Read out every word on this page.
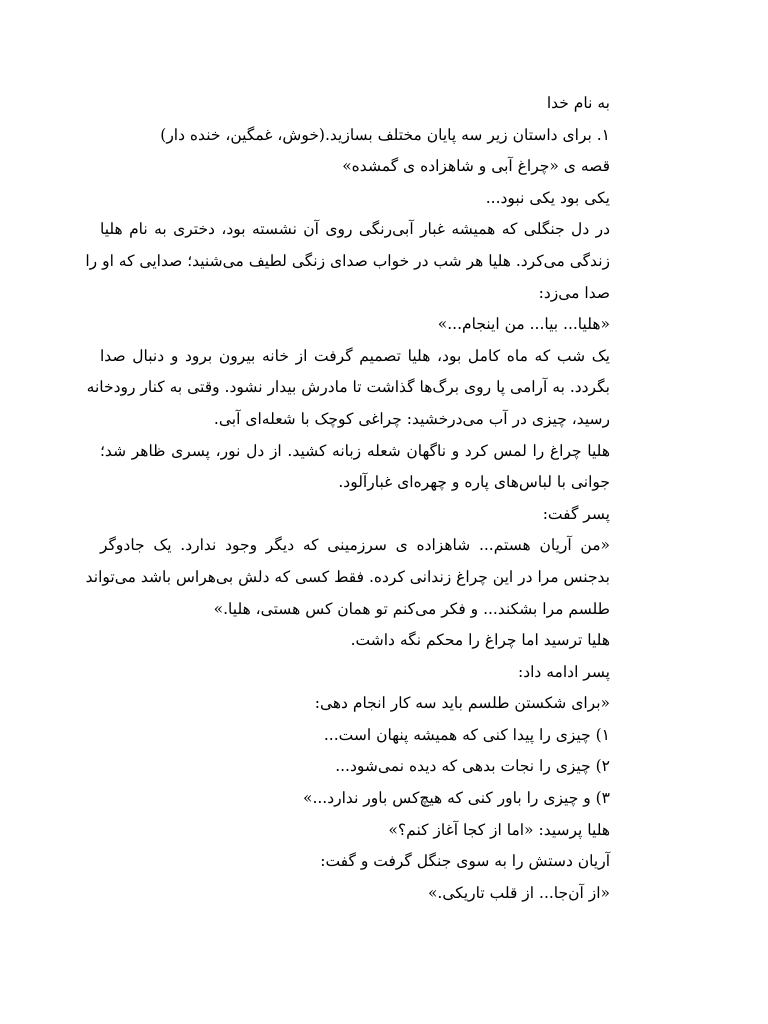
به نام خدا
۱. برای داستان زیر سه پایان مختلف بسازید.(خوش، غمگین، خنده دار)
قصه ی «چراغ آبی و شاهزاده ی گمشده»
یکی بود یکی نبود...
در دل جنگلی که همیشه غبار آبی‌رنگی روی آن نشسته بود، دختری به نام هلیا
زندگی می‌کرد. هلیا هر شب در خواب صدای زنگی لطیف می‌شنید؛ صدایی که او را
صدا می‌زد:
«هلیا... بیا... من اینجام...»
یک شب که ماه کامل بود، هلیا تصمیم گرفت از خانه بیرون برود و دنبال صدا
بگردد. به آرامی پا روی برگ‌ها گذاشت تا مادرش بیدار نشود. وقتی به کنار رودخانه
رسید، چیزی در آب می‌درخشید: چراغی کوچک با شعله‌ای آبی.
هلیا چراغ را لمس کرد و ناگهان شعله زبانه کشید. از دل نور، پسری ظاهر شد؛
جوانی با لباس‌های پاره و چهره‌ای غبارآلود.
پسر گفت:
«من آریان هستم... شاهزاده ی سرزمینی که دیگر وجود ندارد. یک جادوگر
بدجنس مرا در این چراغ زندانی کرده. فقط کسی که دلش بی‌هراس باشد می‌تواند
طلسم مرا بشکند... و فکر می‌کنم تو همان کس هستی، هلیا.»
هلیا ترسید اما چراغ را محکم نگه داشت.
پسر ادامه داد:
«برای شکستن طلسم باید سه کار انجام دهی:
۱) چیزی را پیدا کنی که همیشه پنهان است...
۲) چیزی را نجات بدهی که دیده نمی‌شود...
۳) و چیزی را باور کنی که هیچ‌کس باور ندارد...»
هلیا پرسید: «اما از کجا آغاز کنم؟»
آریان دستش را به سوی جنگل گرفت و گفت:
«از آن‌جا... از قلب تاریکی.»
